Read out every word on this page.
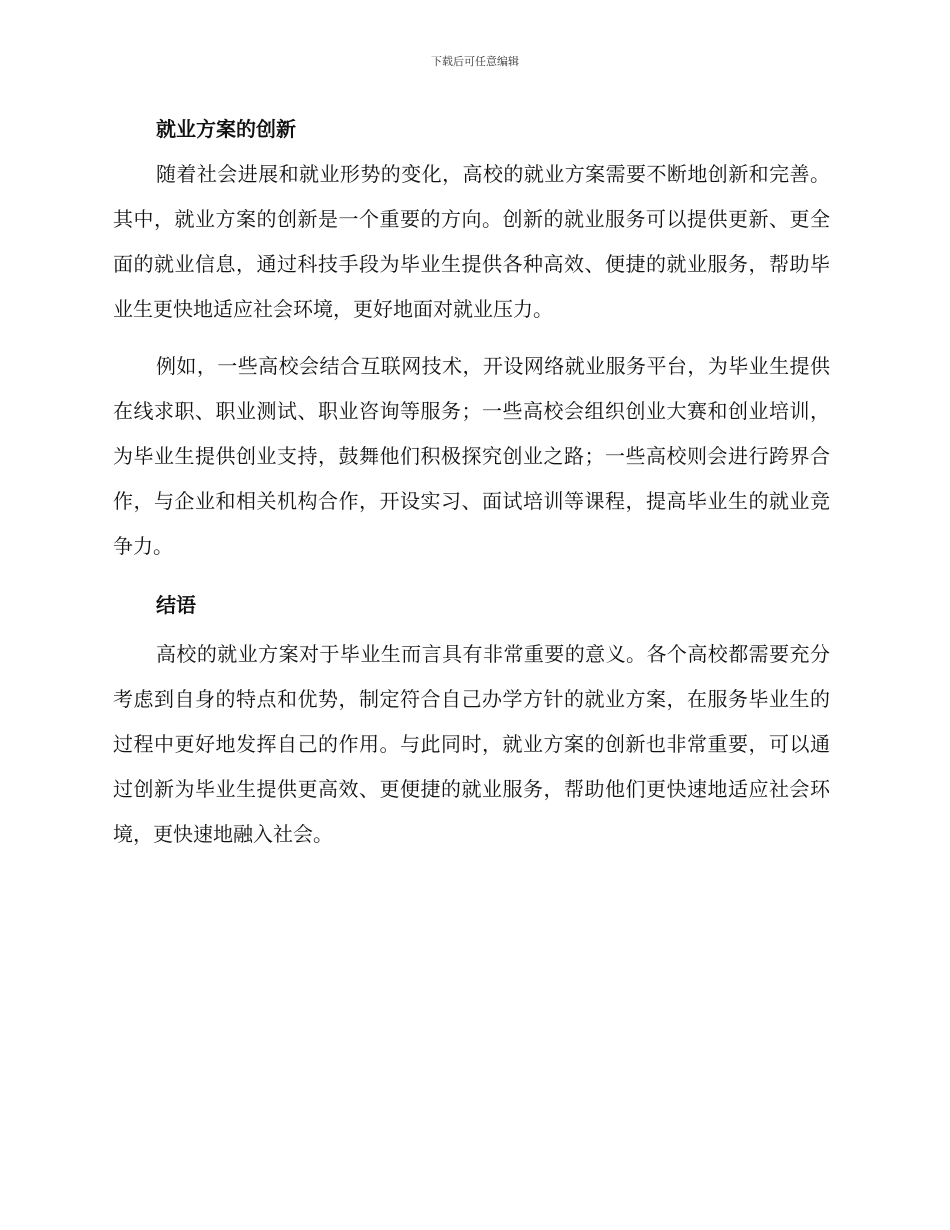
下载后可任意编辑
就业方案的创新

随着社会进展和就业形势的变化，高校的就业方案需要不断地创新和完善。其中，就业方案的创新是一个重要的方向。创新的就业服务可以提供更新、更全面的就业信息，通过科技手段为毕业生提供各种高效、便捷的就业服务，帮助毕业生更快地适应社会环境，更好地面对就业压力。

例如，一些高校会结合互联网技术，开设网络就业服务平台，为毕业生提供在线求职、职业测试、职业咨询等服务；一些高校会组织创业大赛和创业培训，为毕业生提供创业支持，鼓舞他们积极探究创业之路；一些高校则会进行跨界合作，与企业和相关机构合作，开设实习、面试培训等课程，提高毕业生的就业竞争力。

结语

高校的就业方案对于毕业生而言具有非常重要的意义。各个高校都需要充分考虑到自身的特点和优势，制定符合自己办学方针的就业方案，在服务毕业生的过程中更好地发挥自己的作用。与此同时，就业方案的创新也非常重要，可以通过创新为毕业生提供更高效、更便捷的就业服务，帮助他们更快速地适应社会环境，更快速地融入社会。
